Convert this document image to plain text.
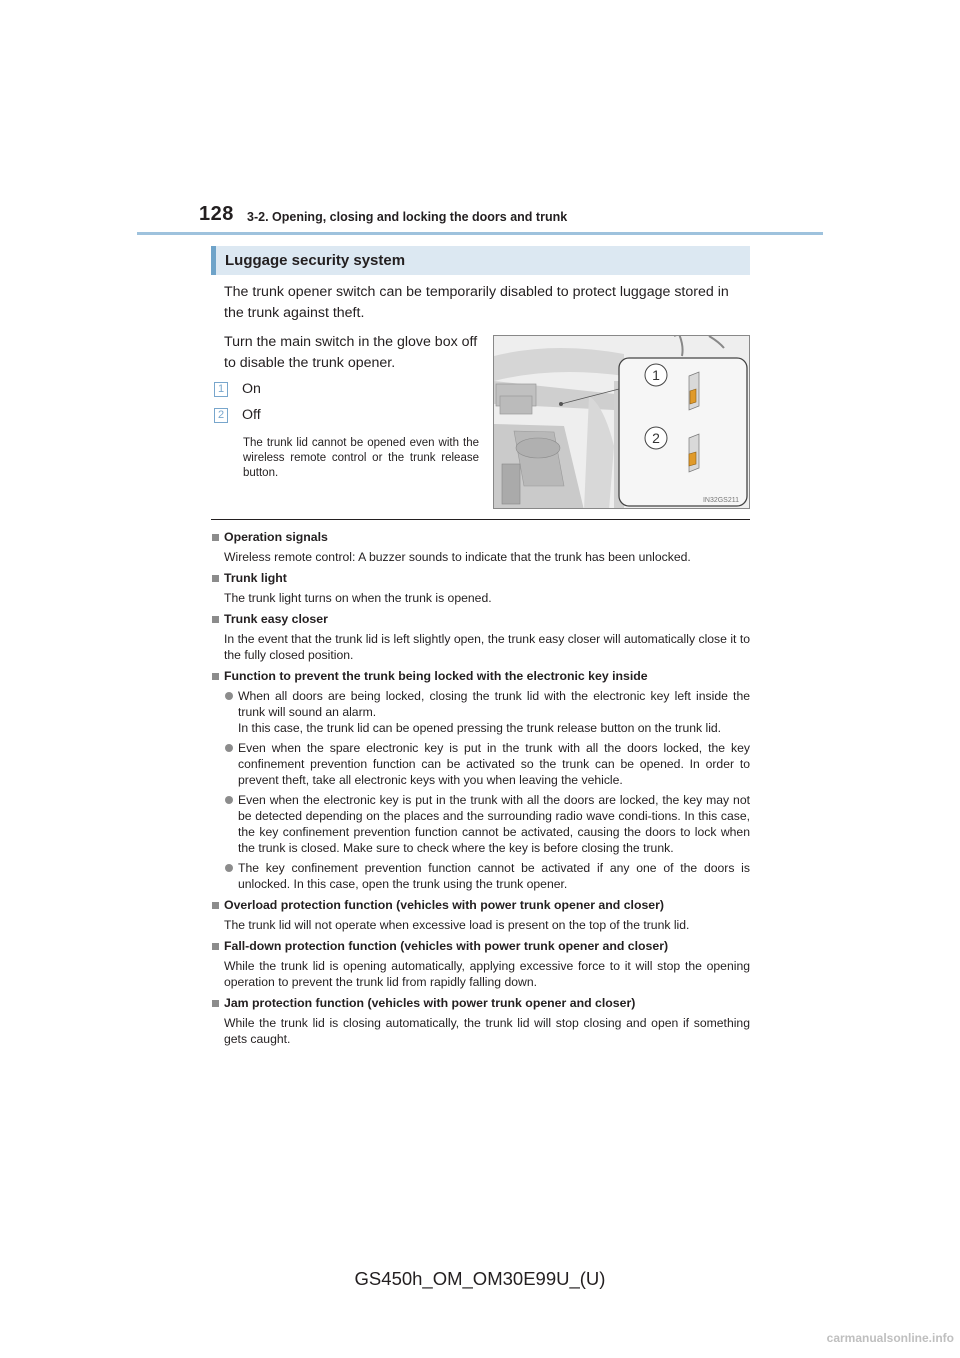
128 3-2. Opening, closing and locking the doors and trunk
Luggage security system
The trunk opener switch can be temporarily disabled to protect luggage stored in the trunk against theft.
Turn the main switch in the glove box off to disable the trunk opener.
1 On
2 Off
The trunk lid cannot be opened even with the wireless remote control or the trunk release button.
1
2
IN32GS211
Operation signals
Wireless remote control: A buzzer sounds to indicate that the trunk has been unlocked.
Trunk light
The trunk light turns on when the trunk is opened.
Trunk easy closer
In the event that the trunk lid is left slightly open, the trunk easy closer will automatically close it to the fully closed position.
Function to prevent the trunk being locked with the electronic key inside
When all doors are being locked, closing the trunk lid with the electronic key left inside the trunk will sound an alarm.
In this case, the trunk lid can be opened pressing the trunk release button on the trunk lid.
Even when the spare electronic key is put in the trunk with all the doors locked, the key confinement prevention function can be activated so the trunk can be opened. In order to prevent theft, take all electronic keys with you when leaving the vehicle.
Even when the electronic key is put in the trunk with all the doors are locked, the key may not be detected depending on the places and the surrounding radio wave condi-tions. In this case, the key confinement prevention function cannot be activated, causing the doors to lock when the trunk is closed. Make sure to check where the key is before closing the trunk.
The key confinement prevention function cannot be activated if any one of the doors is unlocked. In this case, open the trunk using the trunk opener.
Overload protection function (vehicles with power trunk opener and closer)
The trunk lid will not operate when excessive load is present on the top of the trunk lid.
Fall-down protection function (vehicles with power trunk opener and closer)
While the trunk lid is opening automatically, applying excessive force to it will stop the opening operation to prevent the trunk lid from rapidly falling down.
Jam protection function (vehicles with power trunk opener and closer)
While the trunk lid is closing automatically, the trunk lid will stop closing and open if something gets caught.
GS450h_OM_OM30E99U_(U)
carmanualsonline.info
